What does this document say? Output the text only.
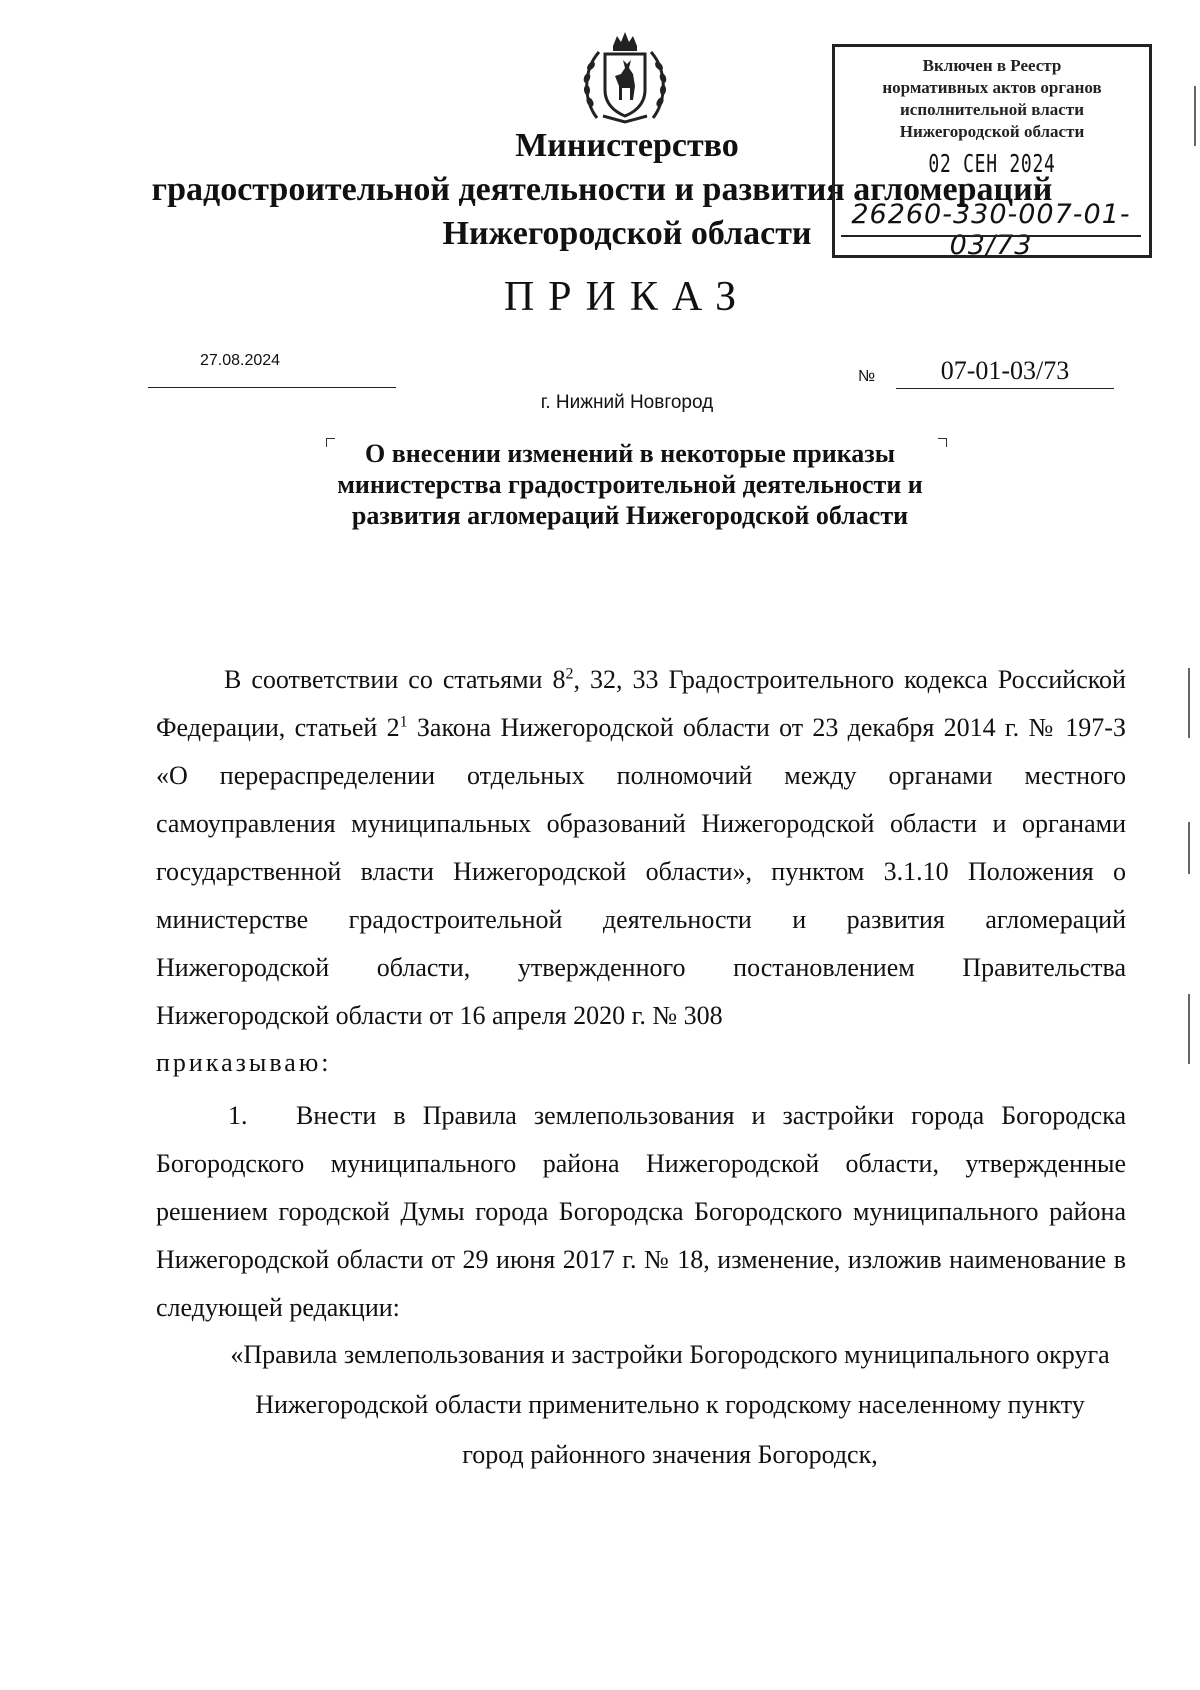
Министерство
градостроительной деятельности и развития агломераций
Нижегородской области
Включен в Реестр
нормативных актов органов
исполнительной власти
Нижегородской области
02 СЕН 2024
26260-330-007-01-03/73
ПРИКАЗ
27.08.2024
№	07-01-03/73
г. Нижний Новгород
О внесении изменений в некоторые приказы министерства градостроительной деятельности и развития агломераций Нижегородской области
В соответствии со статьями $8^2$, 32, 33 Градостроительного кодекса Российской Федерации, статьей $2^1$ Закона Нижегородской области от 23 декабря 2014 г. № 197-З «О перераспределении отдельных полномочий между органами местного самоуправления муниципальных образований Нижегородской области и органами государственной власти Нижегородской области», пунктом 3.1.10 Положения о министерстве градостроительной деятельности и развития агломераций Нижегородской области, утвержденного постановлением Правительства Нижегородской области от 16 апреля 2020 г. № 308
приказываю:
1. Внести в Правила землепользования и застройки города Богородска Богородского муниципального района Нижегородской области, утвержденные решением городской Думы города Богородска Богородского муниципального района Нижегородской области от 29 июня 2017 г. № 18, изменение, изложив наименование в следующей редакции:
«Правила землепользования и застройки Богородского муниципального округа Нижегородской области применительно к городскому населенному пункту город районного значения Богородск,
